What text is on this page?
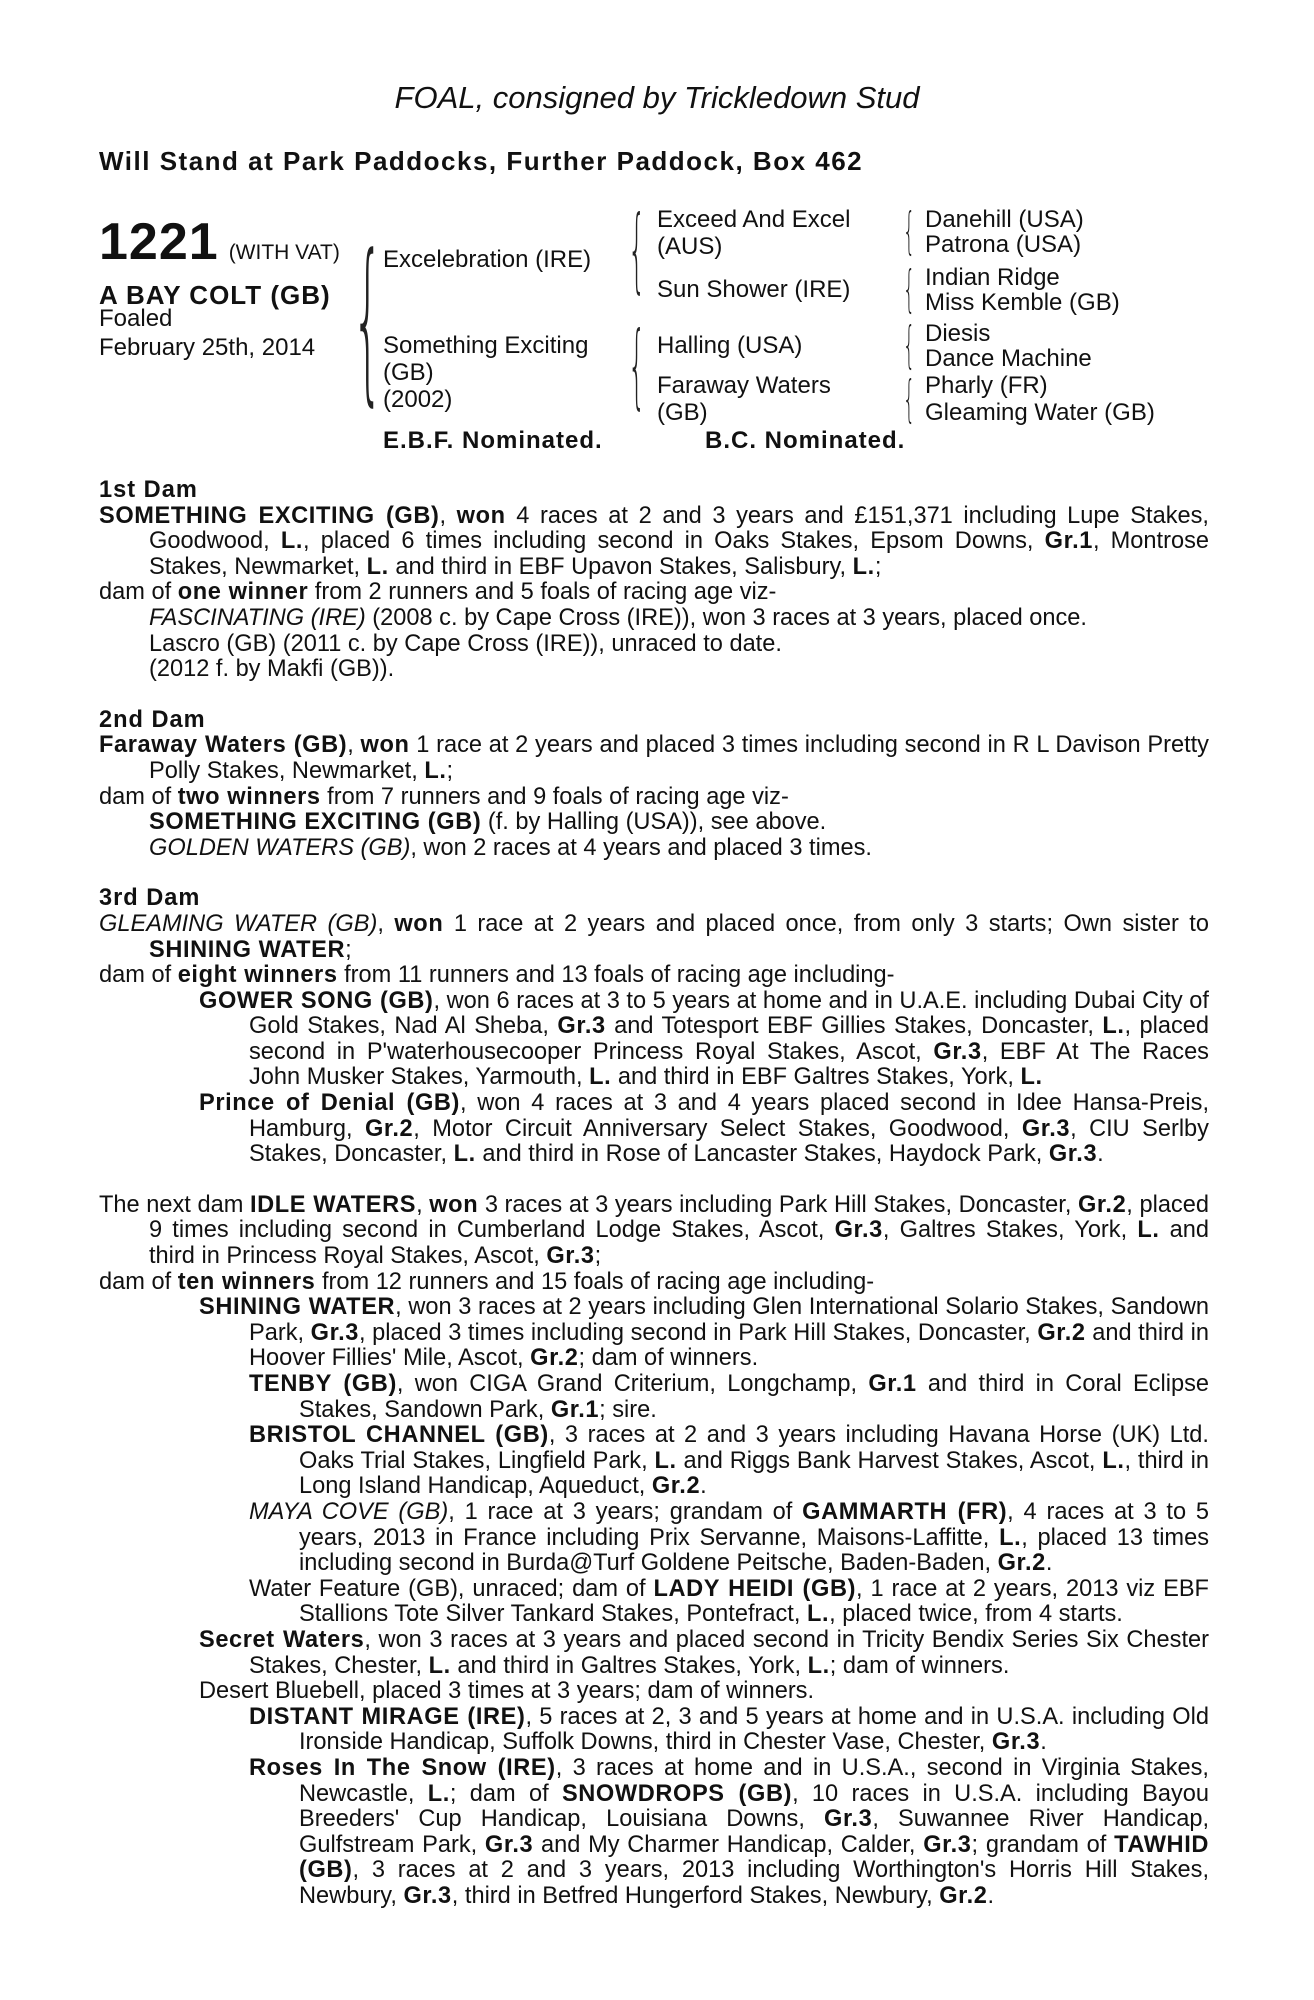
FOAL, consigned by Trickledown Stud
Will Stand at Park Paddocks, Further Paddock, Box 462
1221 (WITH VAT)
A BAY COLT (GB)
Foaled
February 25th, 2014 { Excelebration (IRE)
Something Exciting
(GB)
(2002)
{
{
Exceed And Excel
(AUS)
Sun Shower (IRE)
Halling (USA)
Faraway Waters
(GB)
{
{
{
{
Danehill (USA)
Patrona (USA)
Indian Ridge
Miss Kemble (GB)
Diesis
Dance Machine
Pharly (FR)
Gleaming Water (GB)
E.B.F. Nominated.	B.C. Nominated.
1st Dam
SOMETHING EXCITING (GB), won 4 races at 2 and 3 years and £151,371 including Lupe Stakes, Goodwood, L., placed 6 times including second in Oaks Stakes, Epsom Downs, Gr.1, Montrose Stakes, Newmarket, L. and third in EBF Upavon Stakes, Salisbury, L.;
dam of one winner from 2 runners and 5 foals of racing age viz-
FASCINATING (IRE) (2008 c. by Cape Cross (IRE)), won 3 races at 3 years, placed once.
Lascro (GB) (2011 c. by Cape Cross (IRE)), unraced to date.
(2012 f. by Makfi (GB)).
2nd Dam
Faraway Waters (GB), won 1 race at 2 years and placed 3 times including second in R L Davison Pretty Polly Stakes, Newmarket, L.;
dam of two winners from 7 runners and 9 foals of racing age viz-
SOMETHING EXCITING (GB) (f. by Halling (USA)), see above.
GOLDEN WATERS (GB), won 2 races at 4 years and placed 3 times.
3rd Dam
GLEAMING WATER (GB), won 1 race at 2 years and placed once, from only 3 starts; Own sister to SHINING WATER;
dam of eight winners from 11 runners and 13 foals of racing age including-
GOWER SONG (GB), won 6 races at 3 to 5 years at home and in U.A.E. including Dubai City of Gold Stakes, Nad Al Sheba, Gr.3 and Totesport EBF Gillies Stakes, Doncaster, L., placed second in P'waterhousecooper Princess Royal Stakes, Ascot, Gr.3, EBF At The Races John Musker Stakes, Yarmouth, L. and third in EBF Galtres Stakes, York, L.
Prince of Denial (GB), won 4 races at 3 and 4 years placed second in Idee Hansa-Preis, Hamburg, Gr.2, Motor Circuit Anniversary Select Stakes, Goodwood, Gr.3, CIU Serlby Stakes, Doncaster, L. and third in Rose of Lancaster Stakes, Haydock Park, Gr.3.
The next dam IDLE WATERS, won 3 races at 3 years including Park Hill Stakes, Doncaster, Gr.2, placed 9 times including second in Cumberland Lodge Stakes, Ascot, Gr.3, Galtres Stakes, York, L. and third in Princess Royal Stakes, Ascot, Gr.3;
dam of ten winners from 12 runners and 15 foals of racing age including-
SHINING WATER, won 3 races at 2 years including Glen International Solario Stakes, Sandown Park, Gr.3, placed 3 times including second in Park Hill Stakes, Doncaster, Gr.2 and third in Hoover Fillies' Mile, Ascot, Gr.2; dam of winners.
TENBY (GB), won CIGA Grand Criterium, Longchamp, Gr.1 and third in Coral Eclipse Stakes, Sandown Park, Gr.1; sire.
BRISTOL CHANNEL (GB), 3 races at 2 and 3 years including Havana Horse (UK) Ltd. Oaks Trial Stakes, Lingfield Park, L. and Riggs Bank Harvest Stakes, Ascot, L., third in Long Island Handicap, Aqueduct, Gr.2.
MAYA COVE (GB), 1 race at 3 years; grandam of GAMMARTH (FR), 4 races at 3 to 5 years, 2013 in France including Prix Servanne, Maisons-Laffitte, L., placed 13 times including second in Burda@Turf Goldene Peitsche, Baden-Baden, Gr.2.
Water Feature (GB), unraced; dam of LADY HEIDI (GB), 1 race at 2 years, 2013 viz EBF Stallions Tote Silver Tankard Stakes, Pontefract, L., placed twice, from 4 starts.
Secret Waters, won 3 races at 3 years and placed second in Tricity Bendix Series Six Chester Stakes, Chester, L. and third in Galtres Stakes, York, L.; dam of winners.
Desert Bluebell, placed 3 times at 3 years; dam of winners.
DISTANT MIRAGE (IRE), 5 races at 2, 3 and 5 years at home and in U.S.A. including Old Ironside Handicap, Suffolk Downs, third in Chester Vase, Chester, Gr.3.
Roses In The Snow (IRE), 3 races at home and in U.S.A., second in Virginia Stakes, Newcastle, L.; dam of SNOWDROPS (GB), 10 races in U.S.A. including Bayou Breeders' Cup Handicap, Louisiana Downs, Gr.3, Suwannee River Handicap, Gulfstream Park, Gr.3 and My Charmer Handicap, Calder, Gr.3; grandam of TAWHID (GB), 3 races at 2 and 3 years, 2013 including Worthington's Horris Hill Stakes, Newbury, Gr.3, third in Betfred Hungerford Stakes, Newbury, Gr.2.
